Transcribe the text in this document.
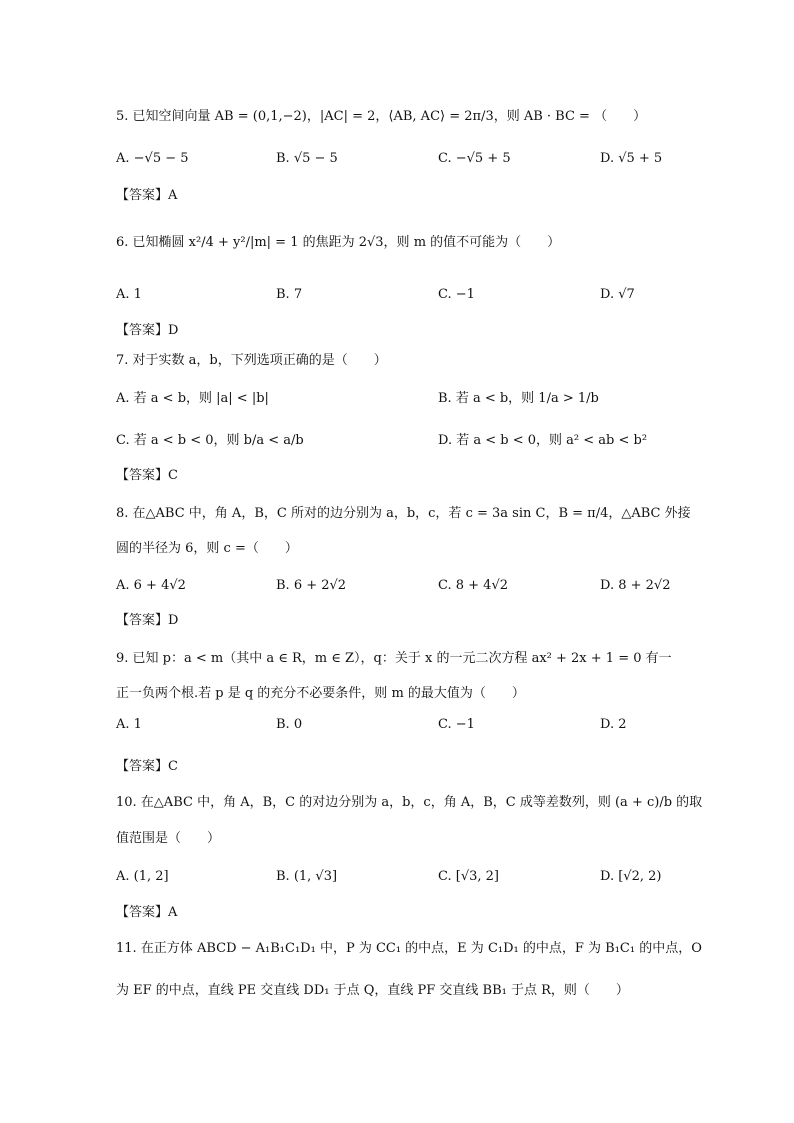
5. 已知空间向量 AB = (0,1,−2)，|AC| = 2，⟨AB, AC⟩ = 2π/3，则 AB · BC = （　　）
A. −√5 − 5	B. √5 − 5	C. −√5 + 5	D. √5 + 5
【答案】A
6. 已知椭圆 x²/4 + y²/|m| = 1 的焦距为 2√3，则 m 的值不可能为（　　）
A. 1	B. 7	C. −1	D. √7
【答案】D
7. 对于实数 a，b，下列选项正确的是（　　）
A. 若 a < b，则 |a| < |b|	B. 若 a < b，则 1/a > 1/b
C. 若 a < b < 0，则 b/a < a/b	D. 若 a < b < 0，则 a² < ab < b²
【答案】C
8. 在△ABC 中，角 A，B，C 所对的边分别为 a，b，c，若 c = 3a sin C，B = π/4，△ABC 外接
圆的半径为 6，则 c =（　　）
A. 6 + 4√2	B. 6 + 2√2	C. 8 + 4√2	D. 8 + 2√2
【答案】D
9. 已知 p：a < m（其中 a ∈ R，m ∈ Z），q：关于 x 的一元二次方程 ax² + 2x + 1 = 0 有一
正一负两个根.若 p 是 q 的充分不必要条件，则 m 的最大值为（　　）
A. 1	B. 0	C. −1	D. 2
【答案】C
10. 在△ABC 中，角 A，B，C 的对边分别为 a，b，c，角 A，B，C 成等差数列，则 (a + c)/b 的取
值范围是（　　）
A. (1, 2]	B. (1, √3]	C. [√3, 2]	D. [√2, 2)
【答案】A
11. 在正方体 ABCD − A₁B₁C₁D₁ 中，P 为 CC₁ 的中点，E 为 C₁D₁ 的中点，F 为 B₁C₁ 的中点，O
为 EF 的中点，直线 PE 交直线 DD₁ 于点 Q，直线 PF 交直线 BB₁ 于点 R，则（　　）
